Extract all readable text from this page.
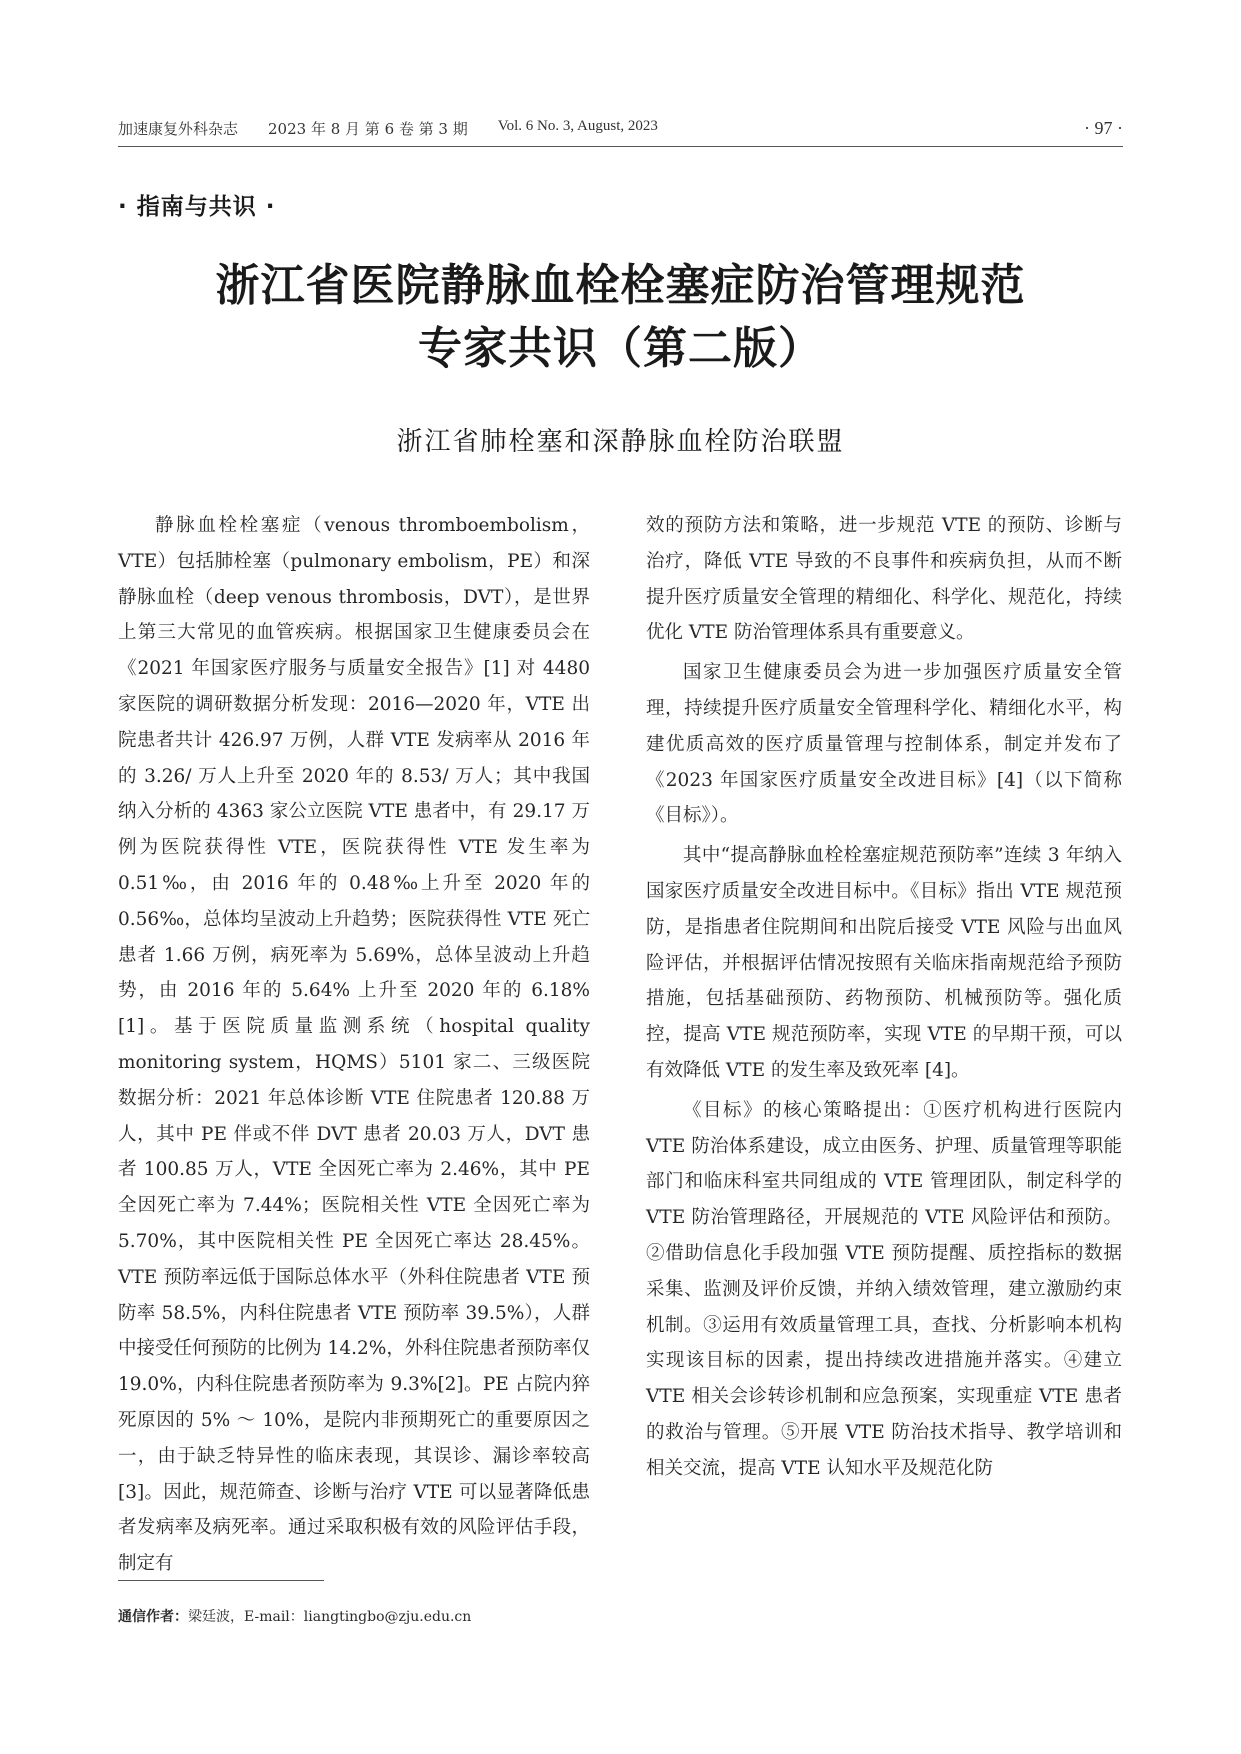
加速康复外科杂志 2023 年 8 月 第 6 卷 第 3 期 Vol. 6 No. 3, August, 2023	· 97 ·
· 指南与共识 ·
浙江省医院静脉血栓栓塞症防治管理规范
专家共识（第二版）
浙江省肺栓塞和深静脉血栓防治联盟

静脉血栓栓塞症（venous thromboembolism，VTE）包括肺栓塞（pulmonary embolism，PE）和深静脉血栓（deep venous thrombosis，DVT），是世界上第三大常见的血管疾病。根据国家卫生健康委员会在《2021 年国家医疗服务与质量安全报告》[1] 对 4480 家医院的调研数据分析发现：2016—2020 年，VTE 出院患者共计 426.97 万例，人群 VTE 发病率从 2016 年的 3.26/ 万人上升至 2020 年的 8.53/ 万人；其中我国纳入分析的 4363 家公立医院 VTE 患者中，有 29.17 万例为医院获得性 VTE，医院获得性 VTE 发生率为 0.51‰，由 2016 年的 0.48‰上升至 2020 年的 0.56‰，总体均呈波动上升趋势；医院获得性 VTE 死亡患者 1.66 万例，病死率为 5.69%，总体呈波动上升趋势，由 2016 年的 5.64% 上升至 2020 年的 6.18%[1]。基于医院质量监测系统（hospital quality monitoring system，HQMS）5101 家二、三级医院数据分析：2021 年总体诊断 VTE 住院患者 120.88 万人，其中 PE 伴或不伴 DVT 患者 20.03 万人，DVT 患者 100.85 万人，VTE 全因死亡率为 2.46%，其中 PE 全因死亡率为 7.44%；医院相关性 VTE 全因死亡率为 5.70%，其中医院相关性 PE 全因死亡率达 28.45%。VTE 预防率远低于国际总体水平（外科住院患者 VTE 预防率 58.5%，内科住院患者 VTE 预防率 39.5%），人群中接受任何预防的比例为 14.2%，外科住院患者预防率仅 19.0%，内科住院患者预防率为 9.3%[2]。PE 占院内猝死原因的 5% ～ 10%，是院内非预期死亡的重要原因之一，由于缺乏特异性的临床表现，其误诊、漏诊率较高 [3]。因此，规范筛查、诊断与治疗 VTE 可以显著降低患者发病率及病死率。通过采取积极有效的风险评估手段，制定有

效的预防方法和策略，进一步规范 VTE 的预防、诊断与治疗，降低 VTE 导致的不良事件和疾病负担，从而不断提升医疗质量安全管理的精细化、科学化、规范化，持续优化 VTE 防治管理体系具有重要意义。

国家卫生健康委员会为进一步加强医疗质量安全管理，持续提升医疗质量安全管理科学化、精细化水平，构建优质高效的医疗质量管理与控制体系，制定并发布了《2023 年国家医疗质量安全改进目标》[4]（以下简称《目标》）。

其中“提高静脉血栓栓塞症规范预防率”连续 3 年纳入国家医疗质量安全改进目标中。《目标》指出 VTE 规范预防，是指患者住院期间和出院后接受 VTE 风险与出血风险评估，并根据评估情况按照有关临床指南规范给予预防措施，包括基础预防、药物预防、机械预防等。强化质控，提高 VTE 规范预防率，实现 VTE 的早期干预，可以有效降低 VTE 的发生率及致死率 [4]。

《目标》的核心策略提出：①医疗机构进行医院内 VTE 防治体系建设，成立由医务、护理、质量管理等职能部门和临床科室共同组成的 VTE 管理团队，制定科学的 VTE 防治管理路径，开展规范的 VTE 风险评估和预防。②借助信息化手段加强 VTE 预防提醒、质控指标的数据采集、监测及评价反馈，并纳入绩效管理，建立激励约束机制。③运用有效质量管理工具，查找、分析影响本机构实现该目标的因素，提出持续改进措施并落实。④建立 VTE 相关会诊转诊机制和应急预案，实现重症 VTE 患者的救治与管理。⑤开展 VTE 防治技术指导、教学培训和相关交流，提高 VTE 认知水平及规范化防

通信作者：梁廷波，E-mail：liangtingbo@zju.edu.cn
